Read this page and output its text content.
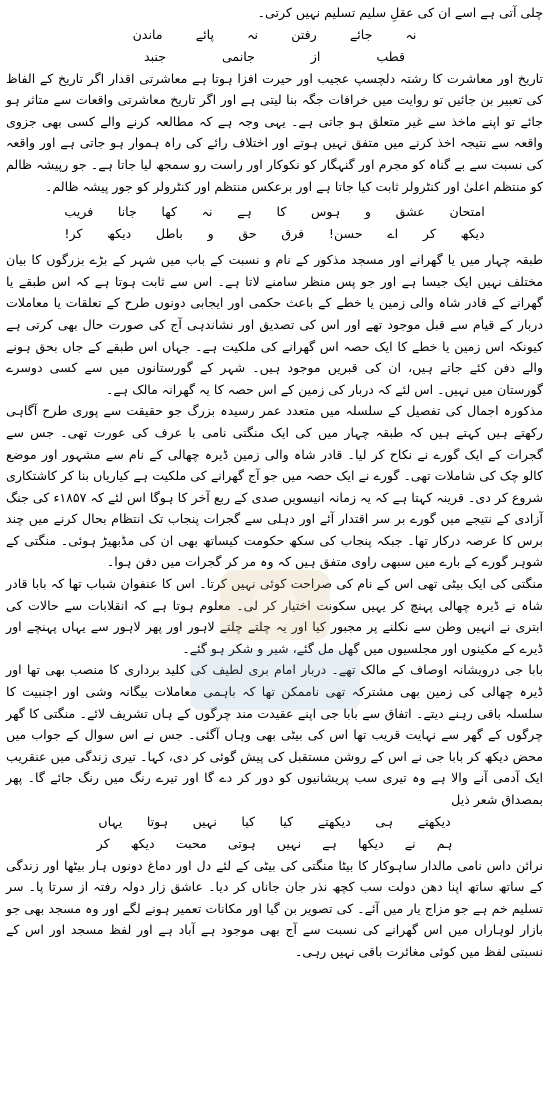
چلی آتی ہے اسے ان کی عقلِ سلیم تسلیم نہیں کرتی۔

نہ
جائے
رفتن
نہ
پائے
ماندن
قطب
از
جانمی
جنبد

تاریخ اور معاشرت کا رشتہ دلچسپ عجیب اور حیرت افزا ہوتا ہے معاشرتی اقدار اگر تاریخ کے الفاظ کی تعبیر بن جائیں تو روایت میں خرافات جگہ بنا لیتی ہے اور اگر تاریخ معاشرتی واقعات سے متاثر ہو جائے تو اپنے ماخذ سے غیر متعلق ہو جاتی ہے۔ یہی وجہ ہے کہ مطالعہ کرنے والے کسی بھی جزوی واقعہ سے نتیجہ اخذ کرنے میں متفق نہیں ہوتے اور اختلاف رائے کی راہ ہموار ہو جاتی ہے اور واقعہ کی نسبت سے بے گناہ کو مجرم اور گنہگار کو نکوکار اور راست رو سمجھ لیا جاتا ہے۔ جو رپیشہ ظالم کو منتظم اعلیٰ اور کنٹرولر ثابت کیا جاتا ہے اور برعکس منتظم اور کنٹرولر کو جور پیشہ ظالم۔

امتحان
عشق
و
ہوس
کا
ہے
نہ
کھا
جانا
فریب
دیکھ
کر
اے
حسن!
فرق
حق
و
باطل
دیکھ
کر!

طبقہ چہار میں یا گھرانے اور مسجد مذکور کے نام و نسبت کے باب میں شہر کے بڑے بزرگوں کا بیان مختلف نہیں ایک جیسا ہے اور جو پس منظر سامنے لاتا ہے۔ اس سے ثابت ہوتا ہے کہ اس طبقے یا گھرانے کے قادر شاہ والی زمین یا خطے کے باعث حکمی اور ایجابی دونوں طرح کے تعلقات یا معاملات دربار کے قیام سے قبل موجود تھے اور اس کی تصدیق اور نشاندہی آج کی صورت حال بھی کرتی ہے کیونکہ اس زمین یا خطے کا ایک حصہ اس گھرانے کی ملکیت ہے۔ جہاں اس طبقے کے جاں بحق ہونے والے دفن کئے جاتے ہیں، ان کی قبریں موجود ہیں۔ شہر کے گورستانوں میں سے کسی دوسرے گورستان میں نہیں۔ اس لئے کہ دربار کی زمین کے اس حصہ کا یہ گھرانہ مالک ہے۔

مذکورہ اجمال کی تفصیل کے سلسلہ میں متعدد عمر رسیدہ بزرگ جو حقیقت سے پوری طرح آگاہی رکھتے ہیں کہتے ہیں کہ طبقہ چہار میں کی ایک منگتی نامی با عرف کی عورت تھی۔ جس سے گجرات کے ایک گورے نے نکاح کر لیا۔ قادر شاہ والی زمین ڈیرہ چھالی کے نام سے مشہور اور موضع کالو چک کی شاملات تھی۔ گورے نے ایک حصہ میں جو آج گھرانے کی ملکیت ہے کیاریاں بنا کر کاشتکاری شروع کر دی۔ قرینہ کہتا ہے کہ یہ زمانہ انیسویں صدی کے ربع آخر کا ہوگا اس لئے کہ ۱۸۵۷ء کی جنگ آزادی کے نتیجے میں گورے بر سر اقتدار آئے اور دہلی سے گجرات پنجاب تک انتظام بحال کرنے میں چند برس کا عرصہ درکار تھا۔ جبکہ پنجاب کی سکھ حکومت کیساتھ بھی ان کی مڈبھیڑ ہوئی۔ منگتی کے شوہر گورے کے بارے میں سبھی راوی متفق ہیں کہ وہ مر کر گجرات میں دفن ہوا۔

منگتی کی ایک بیٹی تھی اس کے نام کی صراحت کوئی نہیں کرتا۔ اس کا عنفوان شباب تھا کہ بابا قادر شاہ نے ڈیرہ چھالی پہنچ کر یہیں سکونت اختیار کر لی۔ معلوم ہوتا ہے کہ انقلابات سے حالات کی ابتری نے انہیں وطن سے نکلنے پر مجبور کیا اور یہ چلتے چلتے لاہور اور پھر لاہور سے یہاں پہنچے اور ڈیرے کے مکینوں اور مجلسیوں میں گھل مل گئے، شیر و شکر ہو گئے۔

بابا جی درویشانہ اوصاف کے مالک تھے۔ دربار امام بری لطیف کی کلید برداری کا منصب بھی تھا اور ڈیرہ چھالی کی زمین بھی مشترکہ تھی ناممکن تھا کہ باہمی معاملات بیگانہ وشی اور اجنبیت کا سلسلہ باقی رہنے دیتے۔ اتفاق سے بابا جی اپنے عقیدت مند چرگوں کے ہاں تشریف لائے۔ منگتی کا گھر چرگوں کے گھر سے نہایت قریب تھا اس کی بیٹی بھی وہاں آگئی۔ جس نے اس سوال کے جواب میں محض دیکھ کر بابا جی نے اس کے روشن مستقبل کی پیش گوئی کر دی، کہا۔ تیری زندگی میں عنقریب ایک آدمی آنے والا ہے وہ تیری سب پریشانیوں کو دور کر دے گا اور تیرے رنگ میں رنگ جائے گا۔ پھر بمصداق شعر ذیل

دیکھتے
ہی
دیکھتے
کیا
کیا
نہیں
ہوتا
یہاں
ہم
نے
دیکھا
ہے
نہیں
ہوتی
محبت
دیکھ
کر

نرائن داس نامی مالدار ساہوکار کا بیٹا منگتی کی بیٹی کے لئے دل اور دماغ دونوں ہار بیٹھا اور زندگی کے ساتھ ساتھ اپنا دھن دولت سب کچھ نذر جان جاناں کر دیا۔ عاشق زار دولہ رفتہ از سرتا پا۔ سر تسلیم خم ہے جو مزاج یار میں آئے۔ کی تصویر بن گیا اور مکانات تعمیر ہونے لگے اور وہ مسجد بھی جو بازار لوہاراں میں اس گھرانے کی نسبت سے آج بھی موجود ہے آباد ہے اور لفظ مسجد اور اس کے نسبتی لفظ میں کوئی مغائرت باقی نہیں رہی۔
